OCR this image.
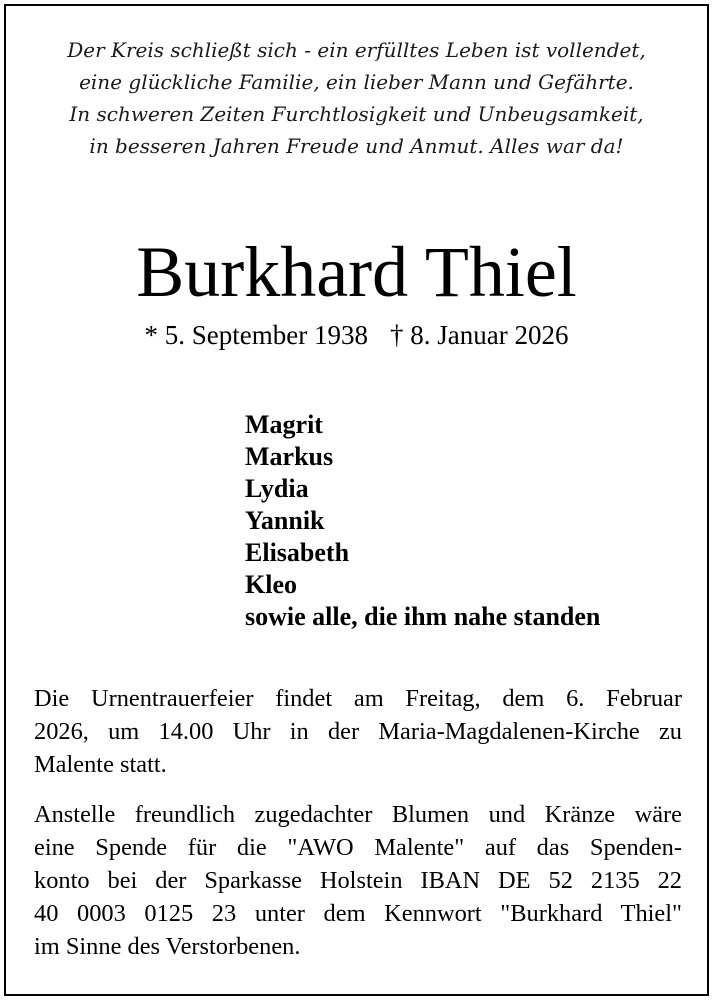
Der Kreis schließt sich - ein erfülltes Leben ist vollendet,
eine glückliche Familie, ein lieber Mann und Gefährte.
In schweren Zeiten Furchtlosigkeit und Unbeugsamkeit,
in besseren Jahren Freude und Anmut. Alles war da!
Burkhard Thiel
* 5. September 1938 † 8. Januar 2026
Magrit
Markus
Lydia
Yannik
Elisabeth
Kleo
sowie alle, die ihm nahe standen
Die Urnentrauerfeier findet am Freitag, dem 6. Februar
2026, um 14.00 Uhr in der Maria-Magdalenen-Kirche zu
Malente statt.
Anstelle freundlich zugedachter Blumen und Kränze wäre
eine Spende für die "AWO Malente" auf das Spenden-
konto bei der Sparkasse Holstein IBAN DE 52 2135 22
40 0003 0125 23 unter dem Kennwort "Burkhard Thiel"
im Sinne des Verstorbenen.
